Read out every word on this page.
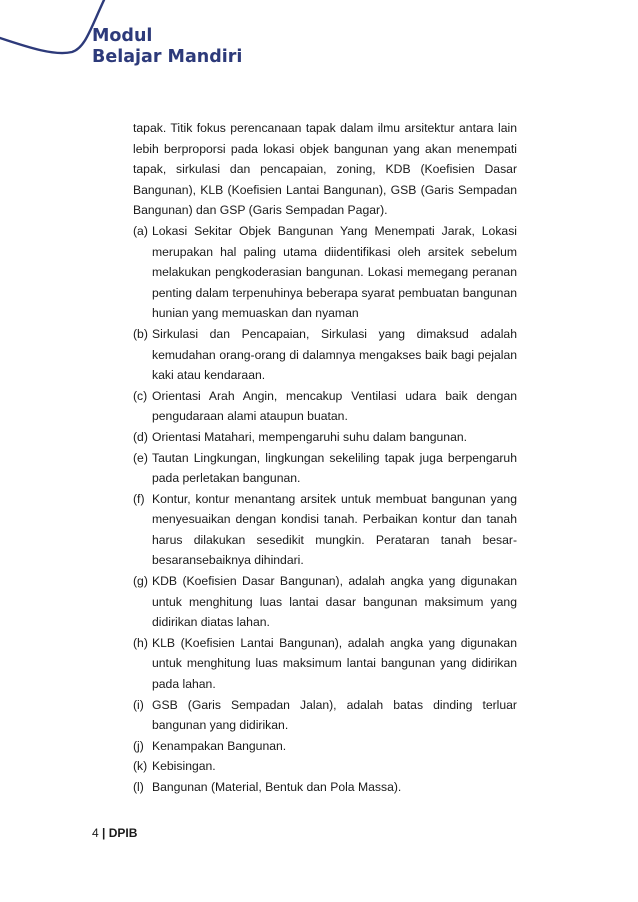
Modul
Belajar Mandiri

tapak. Titik fokus perencanaan tapak dalam ilmu arsitektur antara lain lebih berproporsi pada lokasi objek bangunan yang akan menempati tapak, sirkulasi dan pencapaian, zoning, KDB (Koefisien Dasar Bangunan), KLB (Koefisien Lantai Bangunan), GSB (Garis Sempadan Bangunan) dan GSP (Garis Sempadan Pagar).

(a) Lokasi Sekitar Objek Bangunan Yang Menempati Jarak, Lokasi merupakan hal paling utama diidentifikasi oleh arsitek sebelum melakukan pengkoderasian bangunan. Lokasi memegang peranan penting dalam terpenuhinya beberapa syarat pembuatan bangunan hunian yang memuaskan dan nyaman
(b) Sirkulasi dan Pencapaian, Sirkulasi yang dimaksud adalah kemudahan orang-orang di dalamnya mengakses baik bagi pejalan kaki atau kendaraan.
(c) Orientasi Arah Angin, mencakup Ventilasi udara baik dengan pengudaraan alami ataupun buatan.
(d) Orientasi Matahari, mempengaruhi suhu dalam bangunan.
(e) Tautan Lingkungan, lingkungan sekeliling tapak juga berpengaruh pada perletakan bangunan.
(f) Kontur, kontur menantang arsitek untuk membuat bangunan yang menyesuaikan dengan kondisi tanah. Perbaikan kontur dan tanah harus dilakukan sesedikit mungkin. Perataran tanah besar-besaransebaiknya dihindari.
(g) KDB (Koefisien Dasar Bangunan), adalah angka yang digunakan untuk menghitung luas lantai dasar bangunan maksimum yang didirikan diatas lahan.
(h) KLB (Koefisien Lantai Bangunan), adalah angka yang digunakan untuk menghitung luas maksimum lantai bangunan yang didirikan pada lahan.
(i) GSB (Garis Sempadan Jalan), adalah batas dinding terluar bangunan yang didirikan.
(j) Kenampakan Bangunan.
(k) Kebisingan.
(l) Bangunan (Material, Bentuk dan Pola Massa).
4 | DPIB
